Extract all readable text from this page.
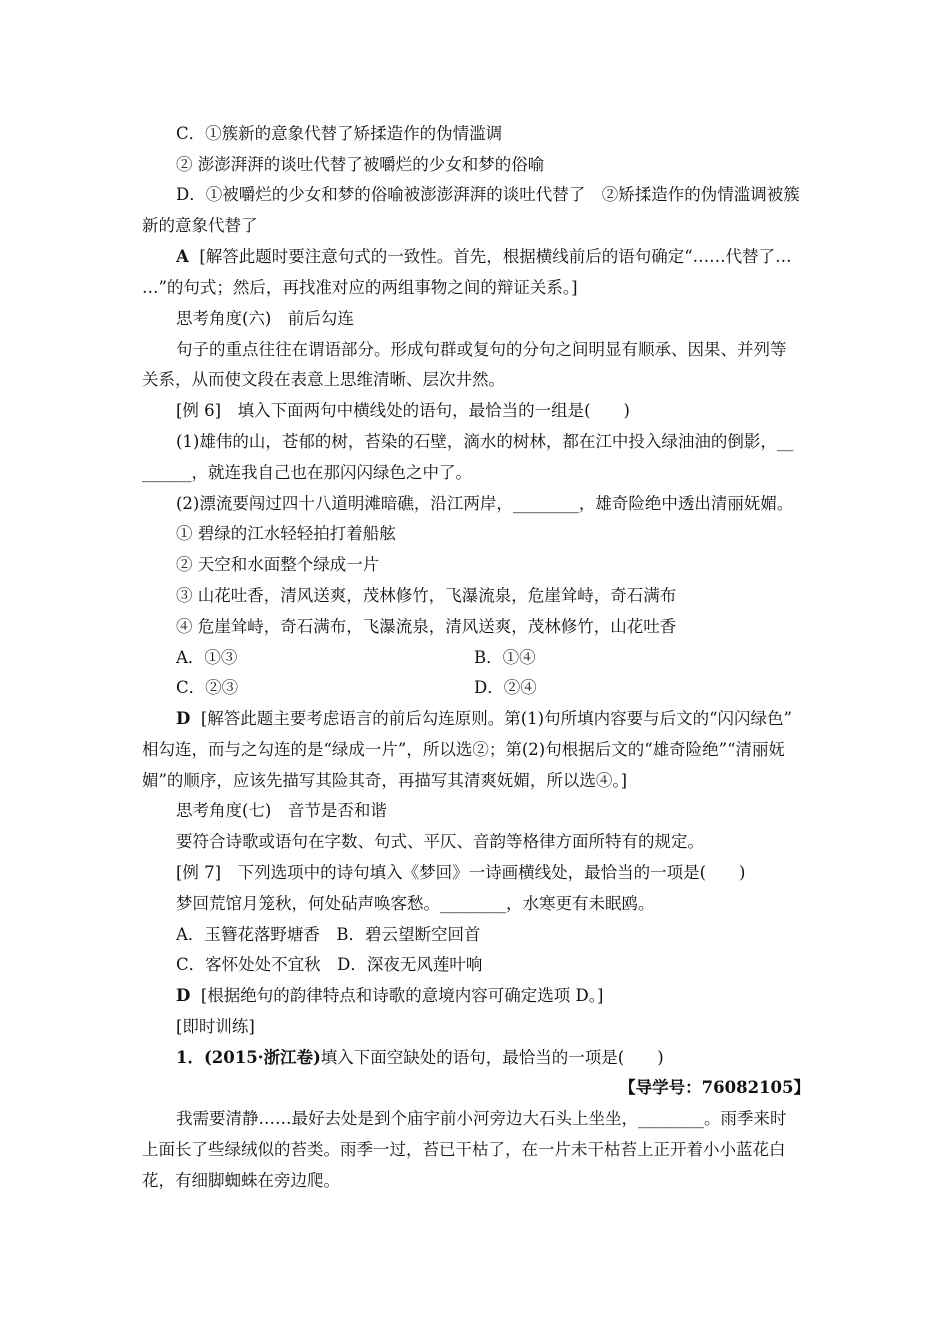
C．①簇新的意象代替了矫揉造作的伪情滥调
② 澎澎湃湃的谈吐代替了被嚼烂的少女和梦的俗喻
D．①被嚼烂的少女和梦的俗喻被澎澎湃湃的谈吐代替了　②矫揉造作的伪情滥调被簇
新的意象代替了
A [解答此题时要注意句式的一致性。首先，根据横线前后的语句确定“……代替了…
…”的句式；然后，再找准对应的两组事物之间的辩证关系。]
思考角度(六)　前后勾连
句子的重点往往在谓语部分。形成句群或复句的分句之间明显有顺承、因果、并列等
关系，从而使文段在表意上思维清晰、层次井然。
[例 6]　填入下面两句中横线处的语句，最恰当的一组是(　　)
(1)雄伟的山，苍郁的树，苔染的石壁，滴水的树林，都在江中投入绿油油的倒影，__
______，就连我自己也在那闪闪绿色之中了。
(2)漂流要闯过四十八道明滩暗礁，沿江两岸，________，雄奇险绝中透出清丽妩媚。
① 碧绿的江水轻轻拍打着船舷
② 天空和水面整个绿成一片
③ 山花吐香，清风送爽，茂林修竹，飞瀑流泉，危崖耸峙，奇石满布
④ 危崖耸峙，奇石满布，飞瀑流泉，清风送爽，茂林修竹，山花吐香
A．①③	B．①④
C．②③	D．②④
D [解答此题主要考虑语言的前后勾连原则。第(1)句所填内容要与后文的“闪闪绿色”
相勾连，而与之勾连的是“绿成一片”，所以选②；第(2)句根据后文的“雄奇险绝”“清丽妩
媚”的顺序，应该先描写其险其奇，再描写其清爽妩媚，所以选④。]
思考角度(七)　音节是否和谐
要符合诗歌或语句在字数、句式、平仄、音韵等格律方面所特有的规定。
[例 7]　下列选项中的诗句填入《梦回》一诗画横线处，最恰当的一项是(　　)
梦回荒馆月笼秋，何处砧声唤客愁。________，水寒更有未眠鸥。
A．玉簪花落野塘香　B．碧云望断空回首
C．客怀处处不宜秋　D．深夜无风莲叶响
D [根据绝句的韵律特点和诗歌的意境内容可确定选项 D。]
[即时训练]
1．(2015·浙江卷)填入下面空缺处的语句，最恰当的一项是(　　)
【导学号：76082105】
我需要清静……最好去处是到个庙宇前小河旁边大石头上坐坐，________。雨季来时
上面长了些绿绒似的苔类。雨季一过，苔已干枯了，在一片未干枯苔上正开着小小蓝花白
花，有细脚蜘蛛在旁边爬。
